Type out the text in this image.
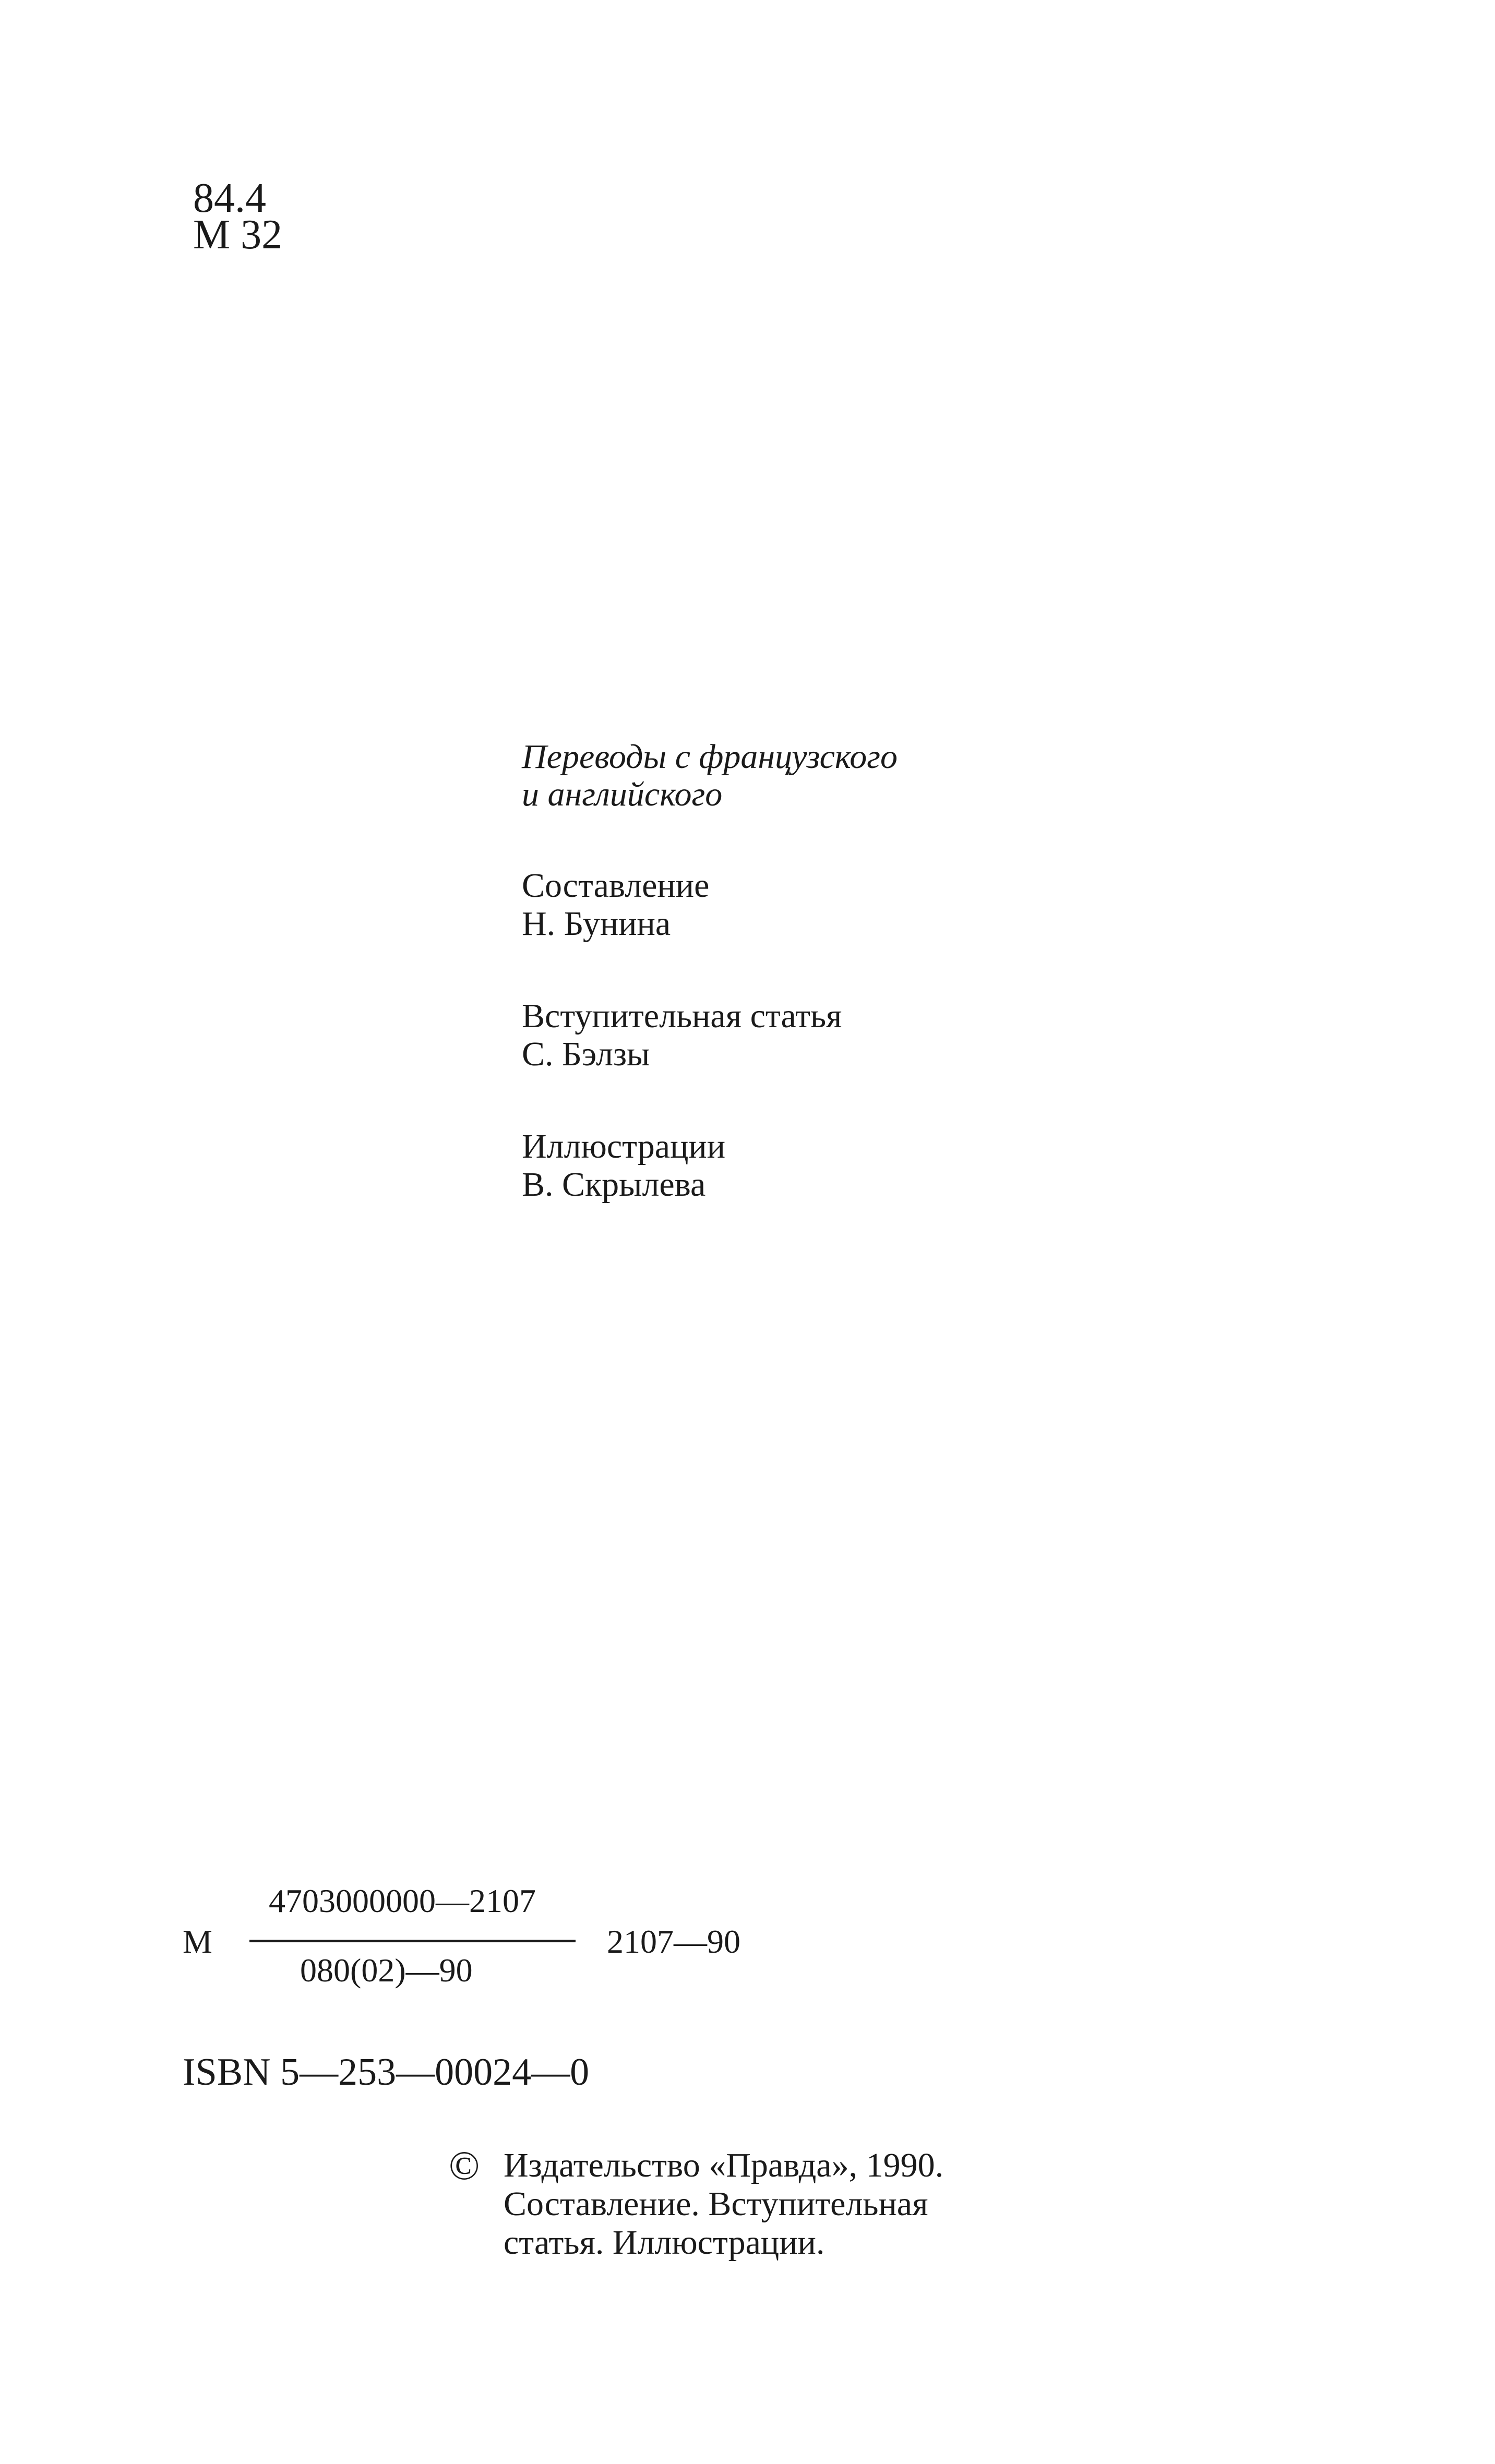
84.4
М 32
Переводы с французского
и английского
Составление
Н. Бунина
Вступительная статья
С. Бэлзы
Иллюстрации
В. Скрылева
М
4703000000—2107
080(02)—90
2107—90
ISBN 5—253—00024—0
© Издательство «Правда», 1990.
Составление. Вступительная
статья. Иллюстрации.
